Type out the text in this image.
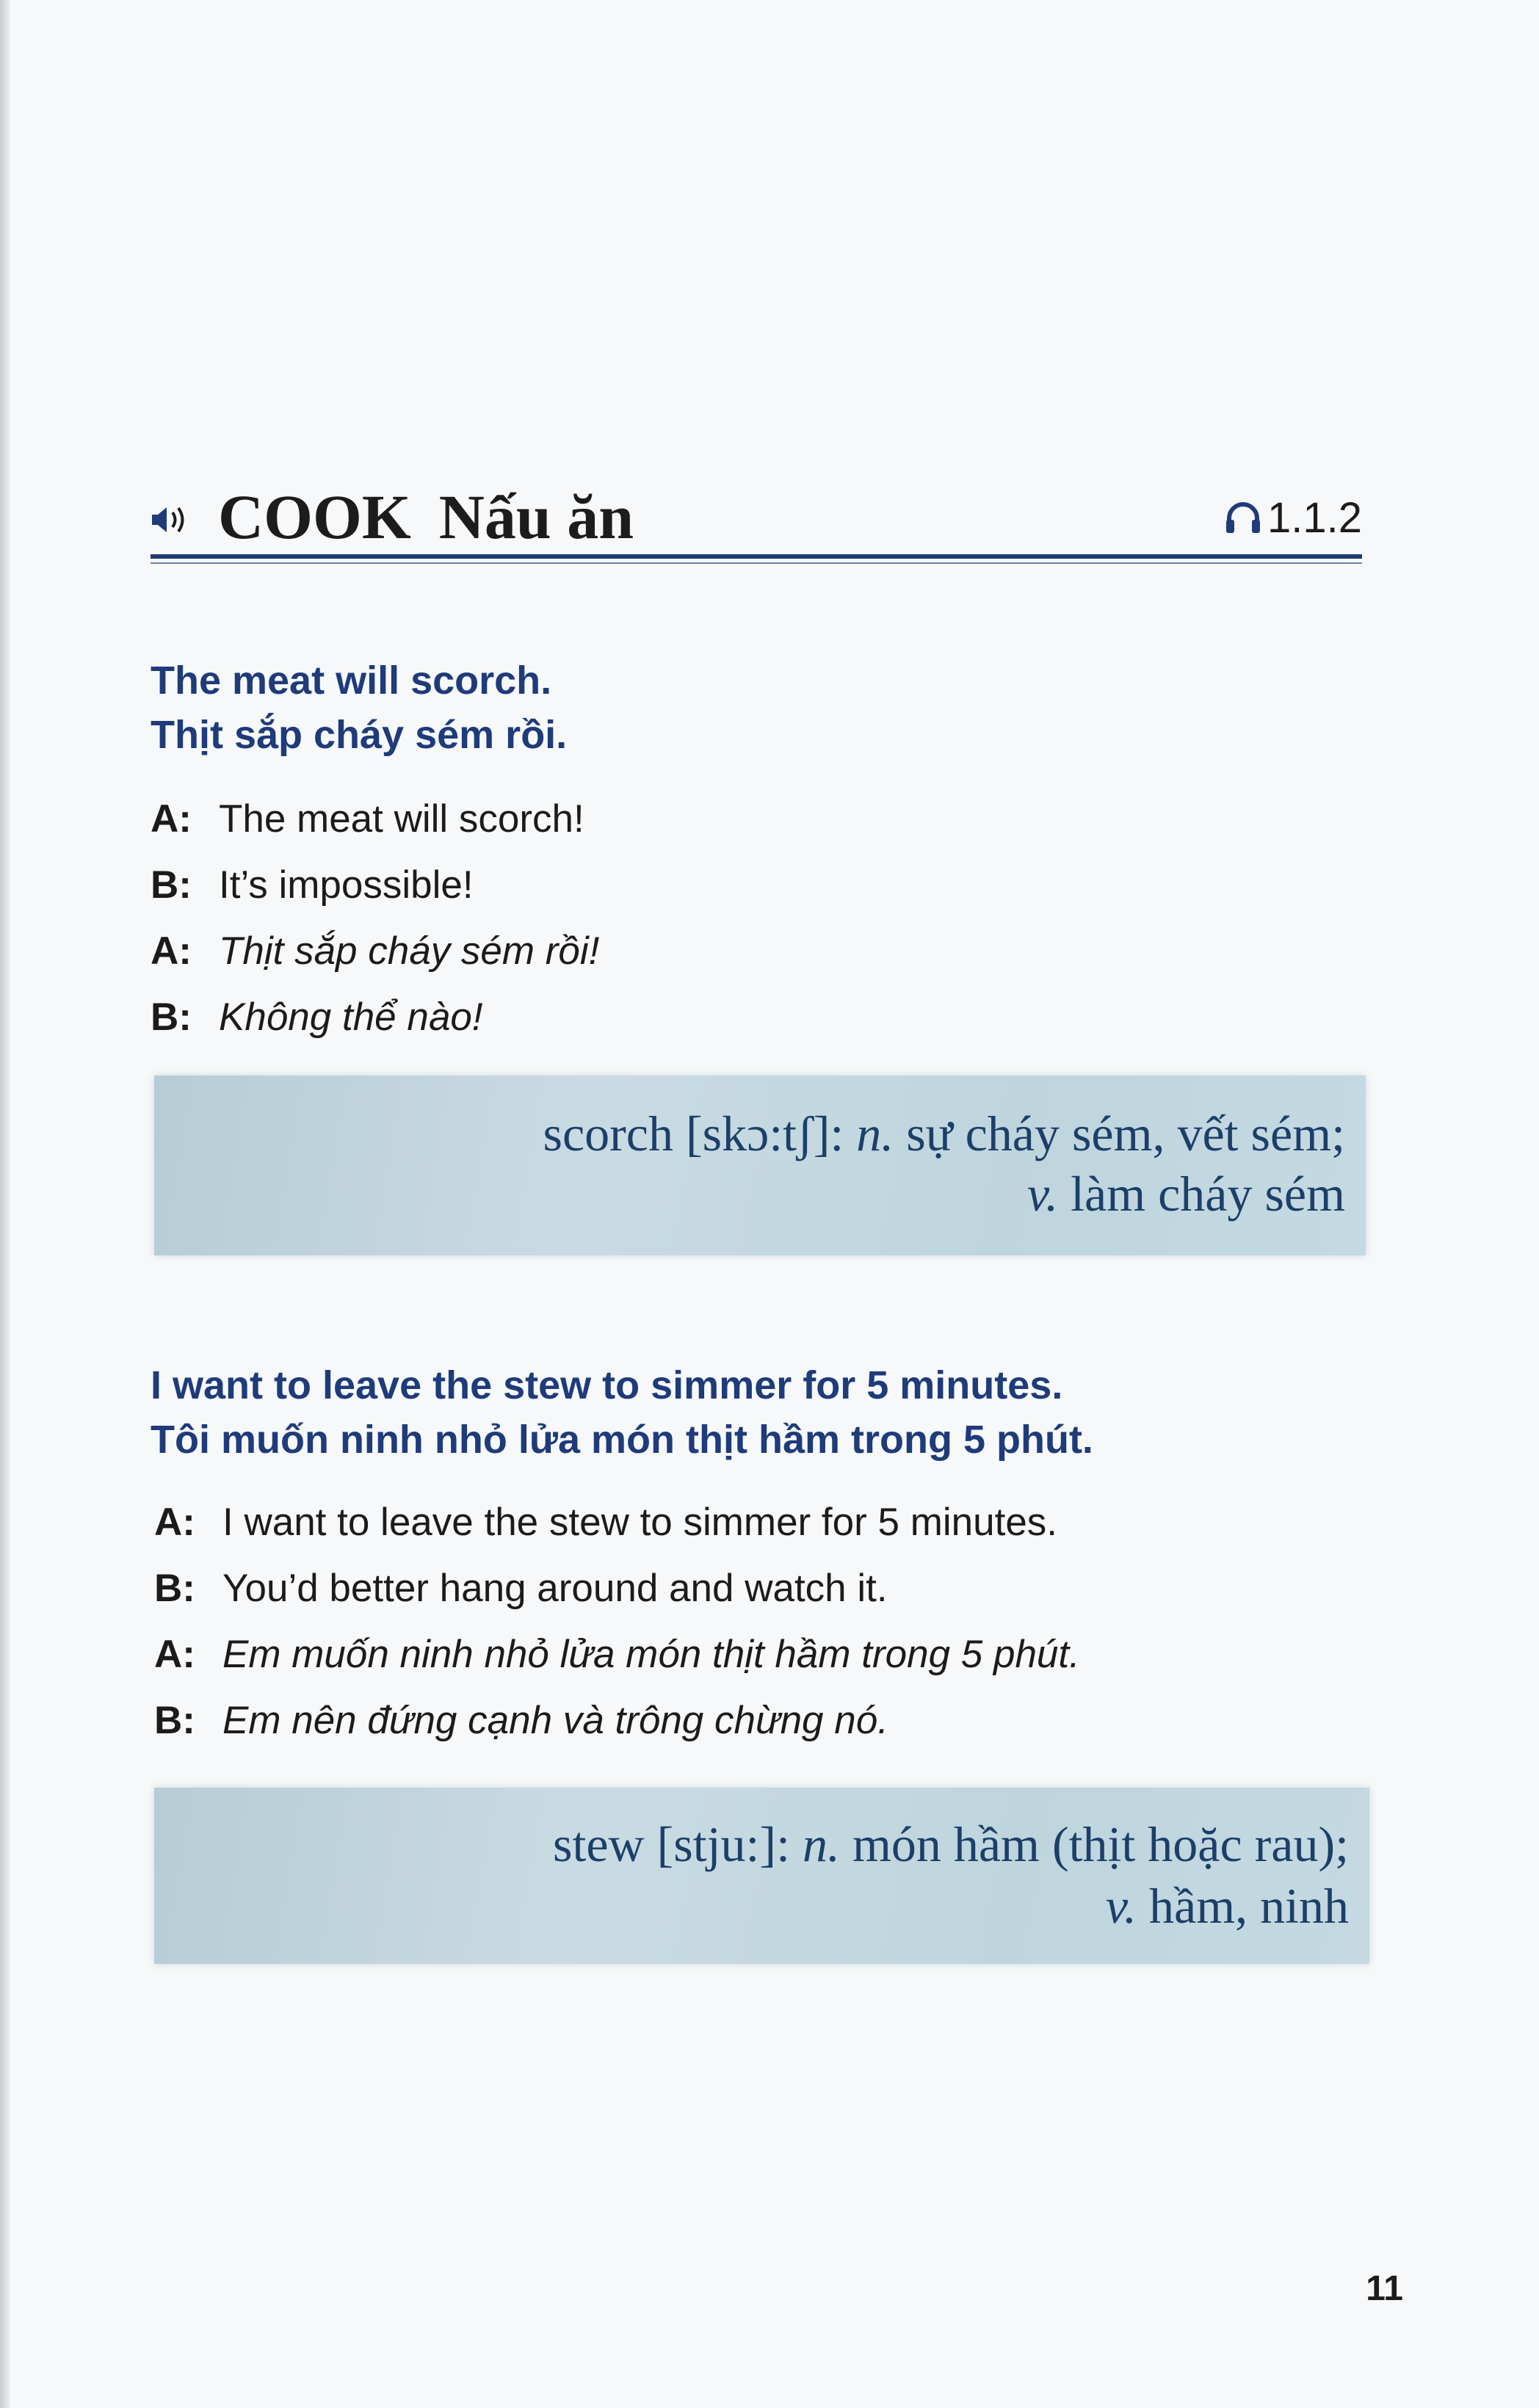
COOK Nấu ăn	1.1.2
The meat will scorch.
Thịt sắp cháy sém rồi.
A: The meat will scorch!
B: It’s impossible!
A: Thịt sắp cháy sém rồi!
B: Không thể nào!
scorch [skɔ:tʃ]: n. sự cháy sém, vết sém;
v. làm cháy sém
I want to leave the stew to simmer for 5 minutes.
Tôi muốn ninh nhỏ lửa món thịt hầm trong 5 phút.
A: I want to leave the stew to simmer for 5 minutes.
B: You’d better hang around and watch it.
A: Em muốn ninh nhỏ lửa món thịt hầm trong 5 phút.
B: Em nên đứng cạnh và trông chừng nó.
stew [stju:]: n. món hầm (thịt hoặc rau);
v. hầm, ninh
11
